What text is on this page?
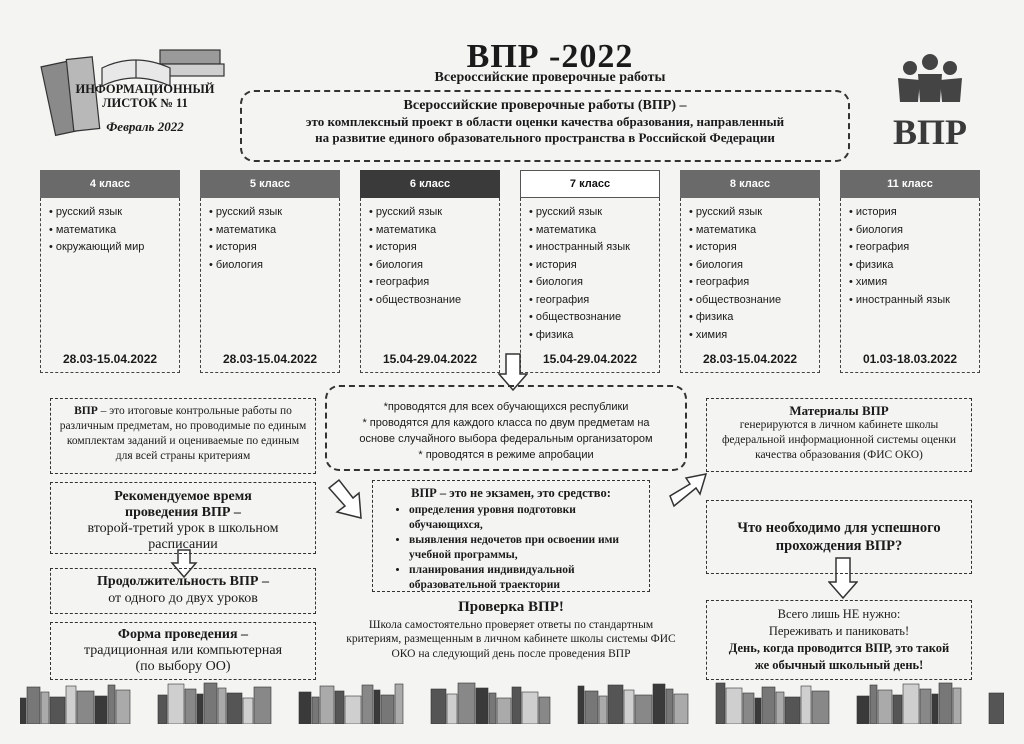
ИНФОРМАЦИОННЫЙ
ЛИСТОК № 11
Февраль 2022
ВПР -2022
Всероссийские проверочные работы
ВПР
Всероссийские проверочные работы (ВПР) –
это комплексный проект в области оценки качества образования, направленный
на развитие единого образовательного пространства в Российской Федерации
4 класс
• русский язык
• математика
• окружающий мир
28.03-15.04.2022
5 класс
• русский язык
• математика
• история
• биология
28.03-15.04.2022
6 класс
• русский язык
• математика
• история
• биология
• география
• обществознание
15.04-29.04.2022
7 класс
• русский язык
• математика
• иностранный язык
• история
• биология
• география
• обществознание
• физика
15.04-29.04.2022
8 класс
• русский язык
• математика
• история
• биология
• география
• обществознание
• физика
• химия
28.03-15.04.2022
11 класс
• история
• биология
• география
• физика
• химия
• иностранный язык
01.03-18.03.2022
*проводятся для всех обучающихся республики
* проводятся для каждого класса по двум предметам на
основе случайного выбора федеральным организатором
* проводятся в режиме апробации
ВПР – это итоговые контрольные работы по различным предметам, но проводимые по единым комплектам заданий и оцениваемые по единым для всей страны критериям
Материалы ВПР
генерируются в личном кабинете школы федеральной информационной системы оценки качества образования (ФИС ОКО)
Рекомендуемое время
проведения ВПР –
второй-третий урок в школьном
расписании
Продолжительность ВПР –
от одного до двух уроков
Форма проведения –
традиционная или компьютерная
(по выбору ОО)
ВПР – это не экзамен, это средство:
• определения уровня подготовки обучающихся,
• выявления недочетов при освоении ими учебной программы,
• планирования индивидуальной образовательной траектории
Проверка ВПР!
Школа самостоятельно проверяет ответы по стандартным критериям, размещенным в личном кабинете школы системы ФИС ОКО на следующий день после проведения ВПР
Что необходимо для успешного
прохождения ВПР?
Всего лишь НЕ нужно:
Переживать и паниковать!
День, когда проводится ВПР, это такой
же обычный школьный день!
